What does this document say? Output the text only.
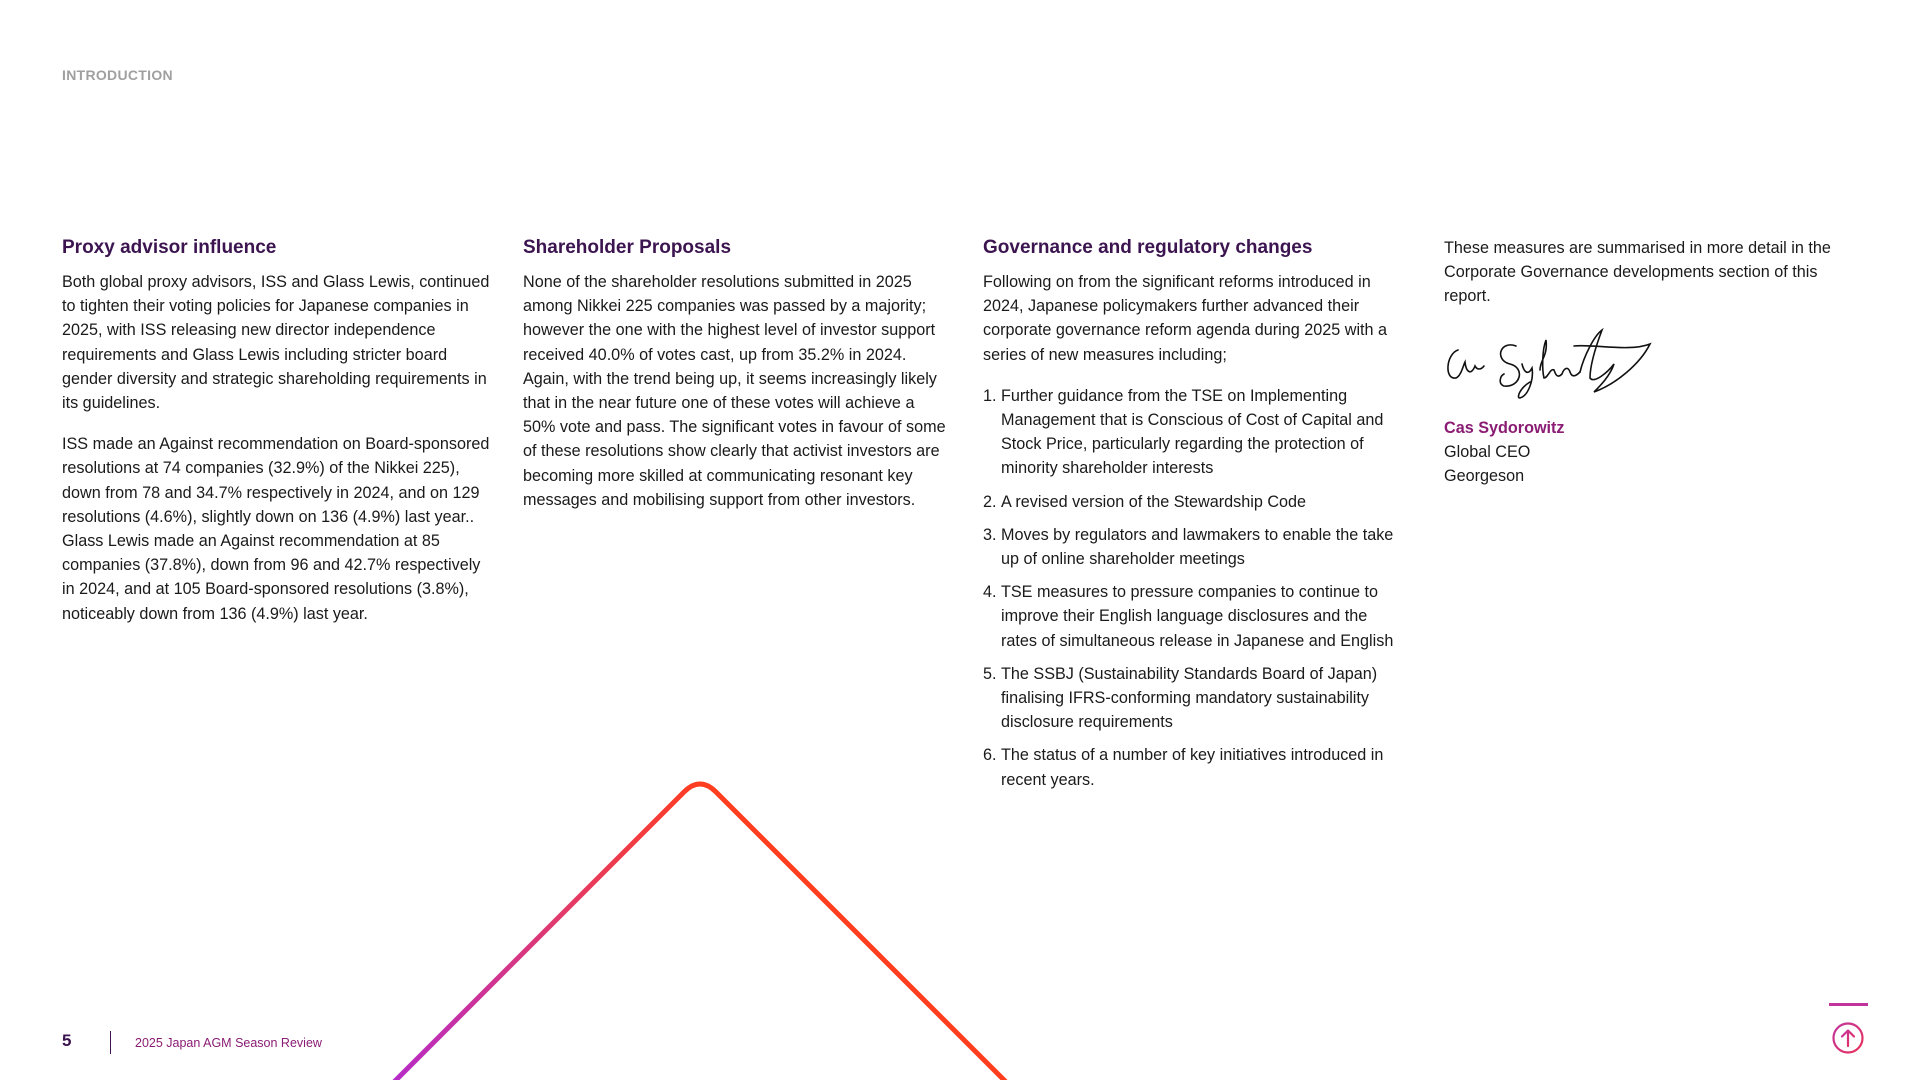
INTRODUCTION
Proxy advisor influence

Both global proxy advisors, ISS and Glass Lewis, continued to tighten their voting policies for Japanese companies in 2025, with ISS releasing new director independence requirements and Glass Lewis including stricter board gender diversity and strategic shareholding requirements in its guidelines.

ISS made an Against recommendation on Board-sponsored resolutions at 74 companies (32.9%) of the Nikkei 225), down from 78 and 34.7% respectively in 2024, and on 129 resolutions (4.6%), slightly down on 136 (4.9%) last year.. Glass Lewis made an Against recommendation at 85 companies (37.8%), down from 96 and 42.7% respectively in 2024, and at 105 Board-sponsored resolutions (3.8%), noticeably down from 136 (4.9%) last year.

Shareholder Proposals

None of the shareholder resolutions submitted in 2025 among Nikkei 225 companies was passed by a majority; however the one with the highest level of investor support received 40.0% of votes cast, up from 35.2% in 2024. Again, with the trend being up, it seems increasingly likely that in the near future one of these votes will achieve a 50% vote and pass. The significant votes in favour of some of these resolutions show clearly that activist investors are becoming more skilled at communicating resonant key messages and mobilising support from other investors.

Governance and regulatory changes

Following on from the significant reforms introduced in 2024, Japanese policymakers further advanced their corporate governance reform agenda during 2025 with a series of new measures including;

1. Further guidance from the TSE on Implementing Management that is Conscious of Cost of Capital and Stock Price, particularly regarding the protection of minority shareholder interests
2. A revised version of the Stewardship Code
3. Moves by regulators and lawmakers to enable the take up of online shareholder meetings
4. TSE measures to pressure companies to continue to improve their English language disclosures and the rates of simultaneous release in Japanese and English
5. The SSBJ (Sustainability Standards Board of Japan) finalising IFRS-conforming mandatory sustainability disclosure requirements
6. The status of a number of key initiatives introduced in recent years.

These measures are summarised in more detail in the Corporate Governance developments section of this report.

Cas Sydorowitz
Global CEO
Georgeson
5	2025 Japan AGM Season Review
